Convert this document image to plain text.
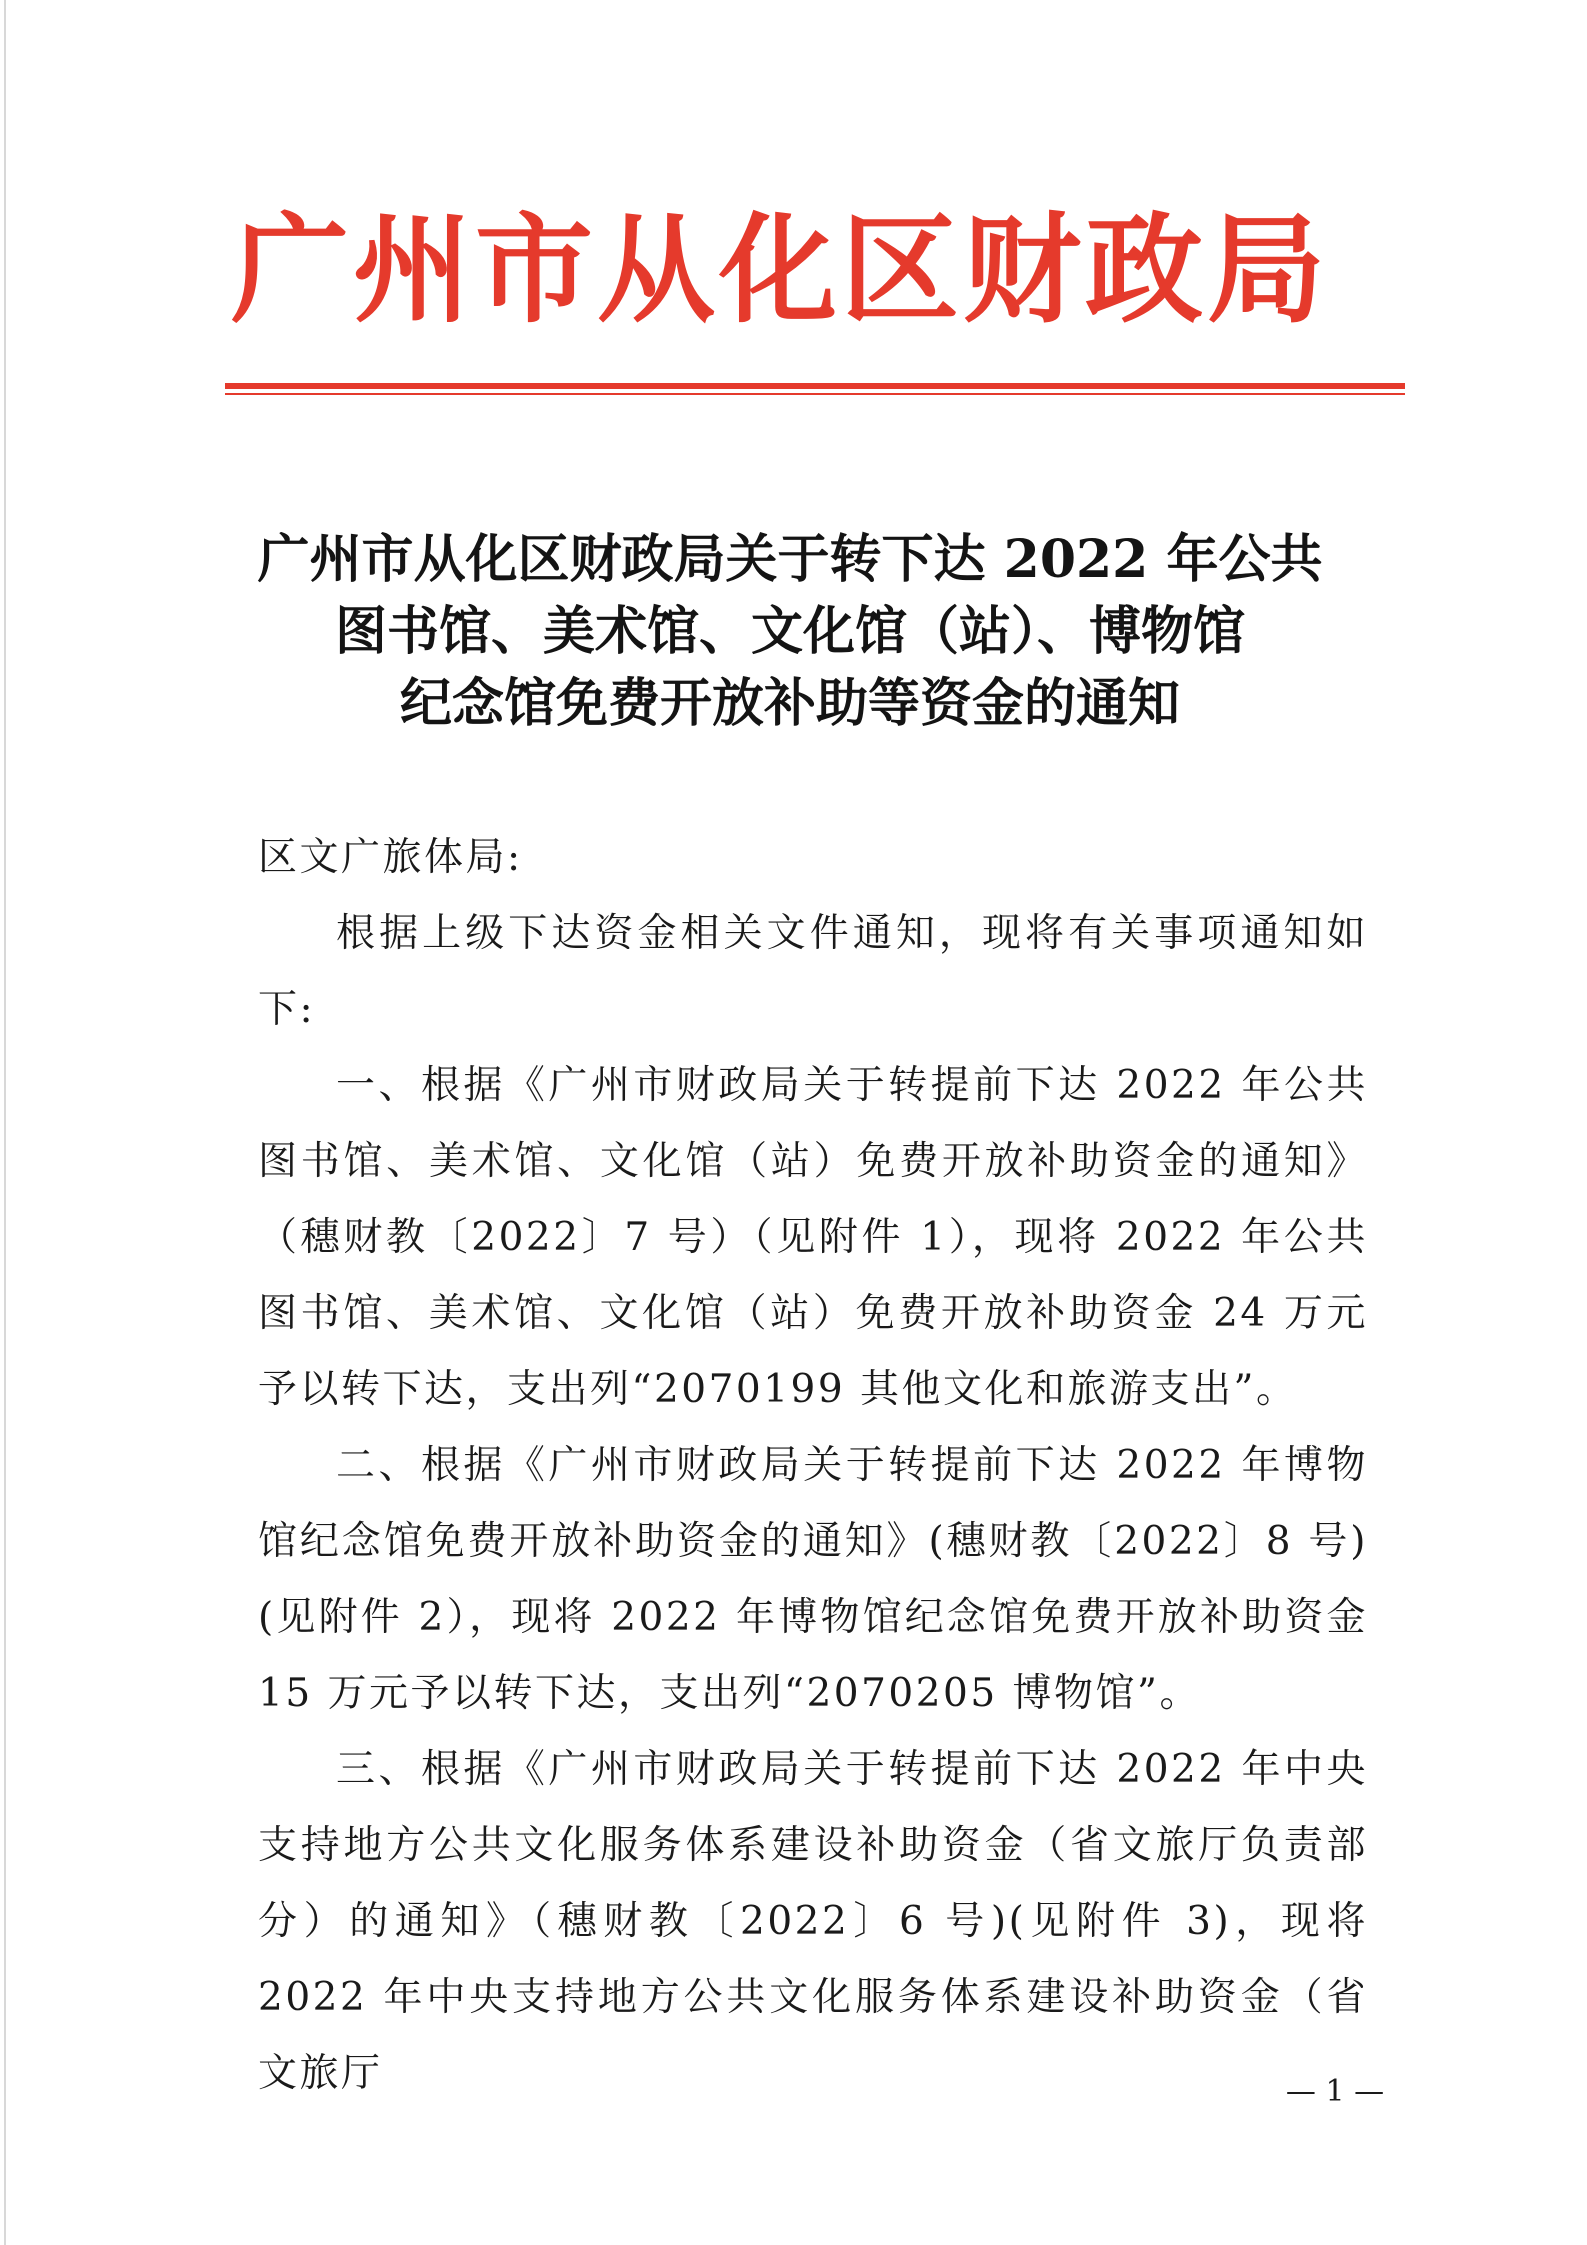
广州市从化区财政局
广州市从化区财政局关于转下达 2022 年公共
图书馆、美术馆、文化馆（站）、博物馆
纪念馆免费开放补助等资金的通知

区文广旅体局:

根据上级下达资金相关文件通知，现将有关事项通知如下:

一、根据《广州市财政局关于转提前下达 2022 年公共图书馆、美术馆、文化馆（站）免费开放补助资金的通知》（穗财教〔2022〕7 号）（见附件 1），现将 2022 年公共图书馆、美术馆、文化馆（站）免费开放补助资金 24 万元予以转下达，支出列“2070199 其他文化和旅游支出”。

二、根据《广州市财政局关于转提前下达 2022 年博物馆纪念馆免费开放补助资金的通知》(穗财教〔2022〕8 号)(见附件 2），现将 2022 年博物馆纪念馆免费开放补助资金 15 万元予以转下达，支出列“2070205 博物馆”。

三、根据《广州市财政局关于转提前下达 2022 年中央支持地方公共文化服务体系建设补助资金（省文旅厅负责部分）的通知》（穗财教〔2022〕6 号)(见附件 3)，现将 2022 年中央支持地方公共文化服务体系建设补助资金（省文旅厅	— 1 —
